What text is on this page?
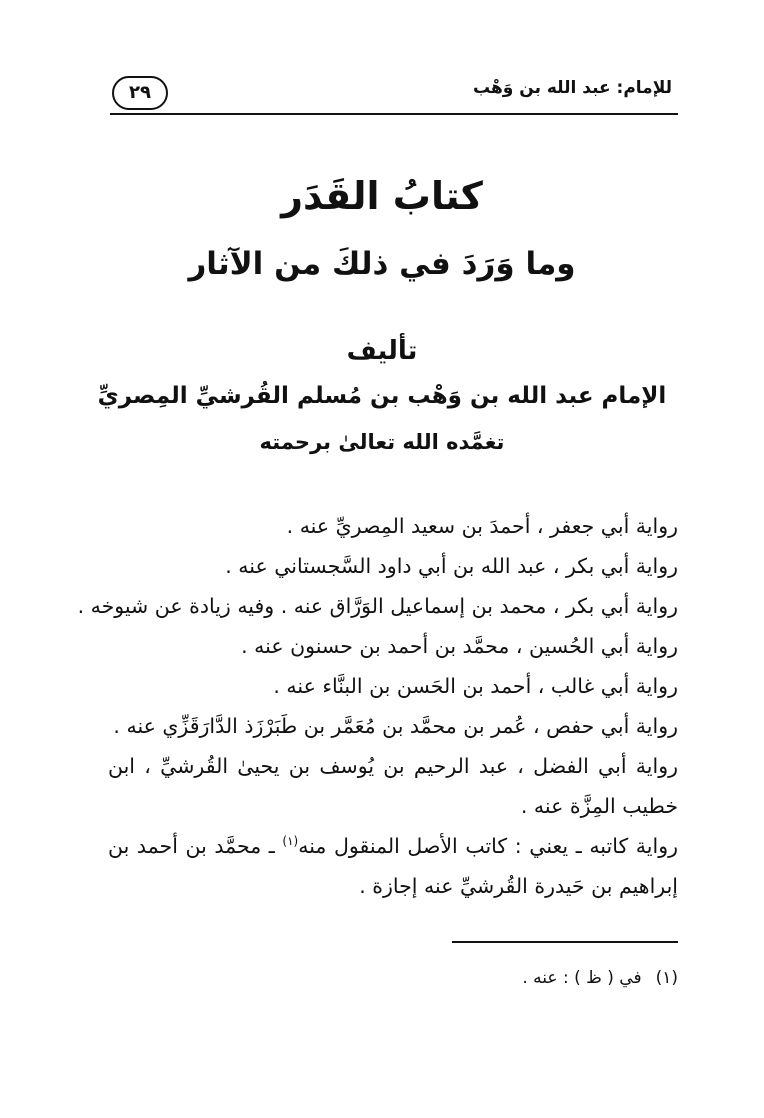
للإمام: عبد الله بن وَهْب
٢٩
كتابُ القَدَر
وما وَرَدَ في ذلكَ من الآثار
تأليف
الإمام عبد الله بن وَهْب بن مُسلم القُرشيِّ المِصريِّ
تغمَّده الله تعالىٰ برحمته
رواية أبي جعفر ، أحمدَ بن سعيد المِصريِّ عنه .
رواية أبي بكر ، عبد الله بن أبي داود السَّجستاني عنه .
رواية أبي بكر ، محمد بن إسماعيل الوَرَّاق عنه . وفيه زيادة عن شيوخه .
رواية أبي الحُسين ، محمَّد بن أحمد بن حسنون عنه .
رواية أبي غالب ، أحمد بن الحَسن بن البنَّاء عنه .
رواية أبي حفص ، عُمر بن محمَّد بن مُعَمَّر بن طَبَرْزَذ الدَّارَقَزِّي عنه .
رواية أبي الفضل ، عبد الرحيم بن يُوسف بن يحيىٰ القُرشيِّ ، ابن خطيب المِزَّة عنه .
رواية كاتبه ـ يعني : كاتب الأصل المنقول منه$^{(١)}$ ـ محمَّد بن أحمد بن إبراهيم بن حَيدرة القُرشيِّ عنه إجازة .
(١)في ( ظ ) : عنه .
